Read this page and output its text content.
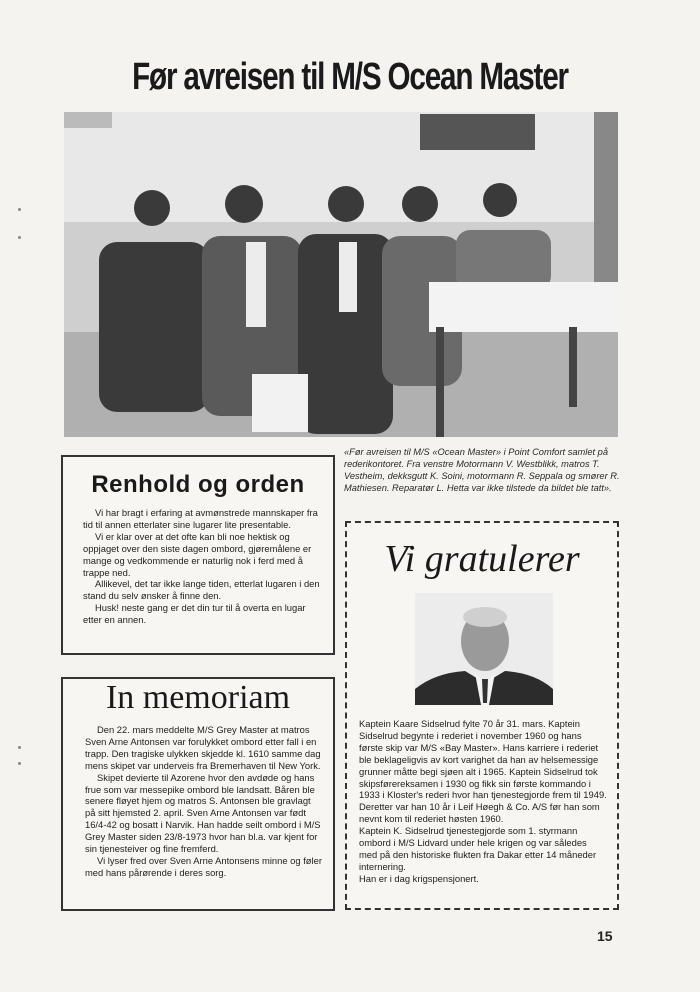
Før avreisen til M/S Ocean Master
«Før avreisen til M/S «Ocean Master» i Point Comfort samlet på rederikontoret. Fra venstre Motormann V. Westblikk, matros T. Vestheim, dekksgutt K. Soini, motormann R. Seppala og smører R. Mathiesen. Reparatør L. Hetta var ikke tilstede da bildet ble tatt».
Renhold og orden

Vi har bragt i erfaring at avmønstrede mannskaper fra tid til annen etterlater sine lugarer lite presentable.

Vi er klar over at det ofte kan bli noe hektisk og oppjaget over den siste dagen ombord, gjøremålene er mange og vedkommende er naturlig nok i ferd med å trappe ned.

Allikevel, det tar ikke lange tiden, etterlat lugaren i den stand du selv ønsker å finne den.

Husk! neste gang er det din tur til å overta en lugar etter en annen.

In memoriam

Den 22. mars meddelte M/S Grey Master at matros Sven Arne Antonsen var forulykket ombord etter fall i en trapp. Den tragiske ulykken skjedde kl. 1610 samme dag mens skipet var underveis fra Bremerhaven til New York.

Skipet devierte til Azorene hvor den avdøde og hans frue som var messepike ombord ble landsatt. Båren ble senere fløyet hjem og matros S. Antonsen ble gravlagt på sitt hjemsted 2. april. Sven Arne Antonsen var født 16/4-42 og bosatt i Narvik. Han hadde seilt ombord i M/S Grey Master siden 23/8-1973 hvor han bl.a. var kjent for sin tjenesteiver og fine fremferd.

Vi lyser fred over Sven Arne Antonsens minne og føler med hans pårørende i deres sorg.

Vi gratulerer

Kaptein Kaare Sidselrud fylte 70 år 31. mars. Kaptein Sidselrud begynte i rederiet i november 1960 og hans første skip var M/S «Bay Master». Hans karriere i rederiet ble beklageligvis av kort varighet da han av helsemessige grunner måtte begi sjøen alt i 1965. Kaptein Sidselrud tok skipsførereksamen i 1930 og fikk sin første kommando i 1933 i Kloster's rederi hvor han tjenestegjorde frem til 1949.

Deretter var han 10 år i Leif Høegh & Co. A/S før han som nevnt kom til rederiet høsten 1960.

Kaptein K. Sidselrud tjenestegjorde som 1. styrmann ombord i M/S Lidvard under hele krigen og var således med på den historiske flukten fra Dakar etter 14 måneder internering.

Han er i dag krigspensjonert.

15
